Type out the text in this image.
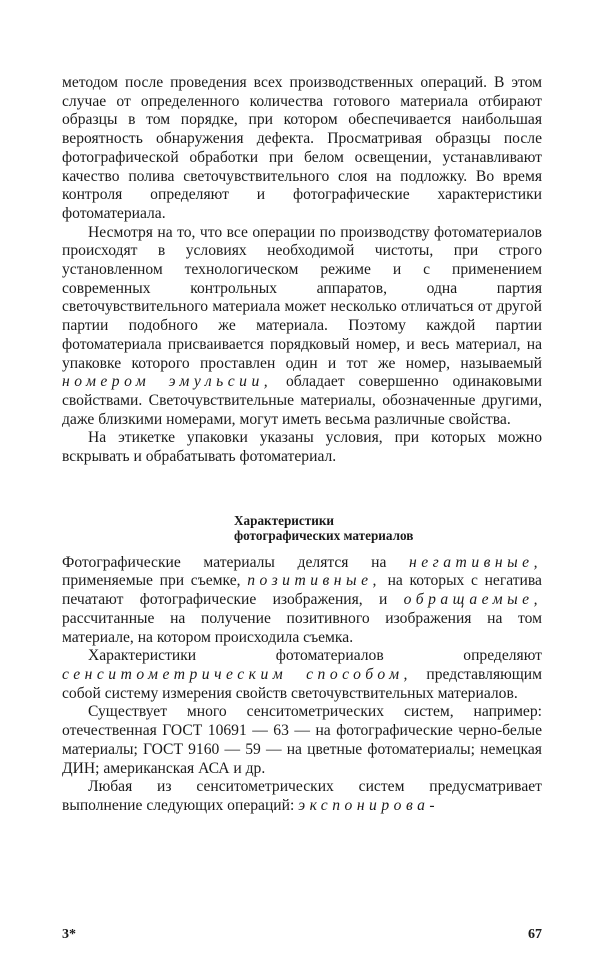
методом после проведения всех производственных операций. В этом случае от определенного количества готового материала отбирают образцы в том порядке, при котором обеспечивается наибольшая вероятность обнаружения дефекта. Просматривая образцы после фотографической обработки при белом освещении, устанавливают качество полива светочувствительного слоя на подложку. Во время контроля определяют и фотографические характеристики фотоматериала.

Несмотря на то, что все операции по производству фотоматериалов происходят в условиях необходимой чистоты, при строго установленном технологическом режиме и с применением современных контрольных аппаратов, одна партия светочувствительного материала может несколько отличаться от другой партии подобного же материала. Поэтому каждой партии фотоматериала присваивается порядковый номер, и весь материал, на упаковке которого проставлен один и тот же номер, называемый номером эмульсии, обладает совершенно одинаковыми свойствами. Светочувствительные материалы, обозначенные другими, даже близкими номерами, могут иметь весьма различные свойства.

На этикетке упаковки указаны условия, при которых можно вскрывать и обрабатывать фотоматериал.

Характеристики
фотографических материалов

Фотографические материалы делятся на негативные, применяемые при съемке, позитивные, на которых с негатива печатают фотографические изображения, и обращаемые, рассчитанные на получение позитивного изображения на том материале, на котором происходила съемка.

Характеристики фотоматериалов определяют сенситометрическим способом, представляющим собой систему измерения свойств светочувствительных материалов.

Существует много сенситометрических систем, например: отечественная ГОСТ 10691 — 63 — на фотографические черно-белые материалы; ГОСТ 9160 — 59 — на цветные фотоматериалы; немецкая ДИН; американская АСА и др.

Любая из сенситометрических систем предусматривает выполнение следующих операций: экспонирова-

3*	67
